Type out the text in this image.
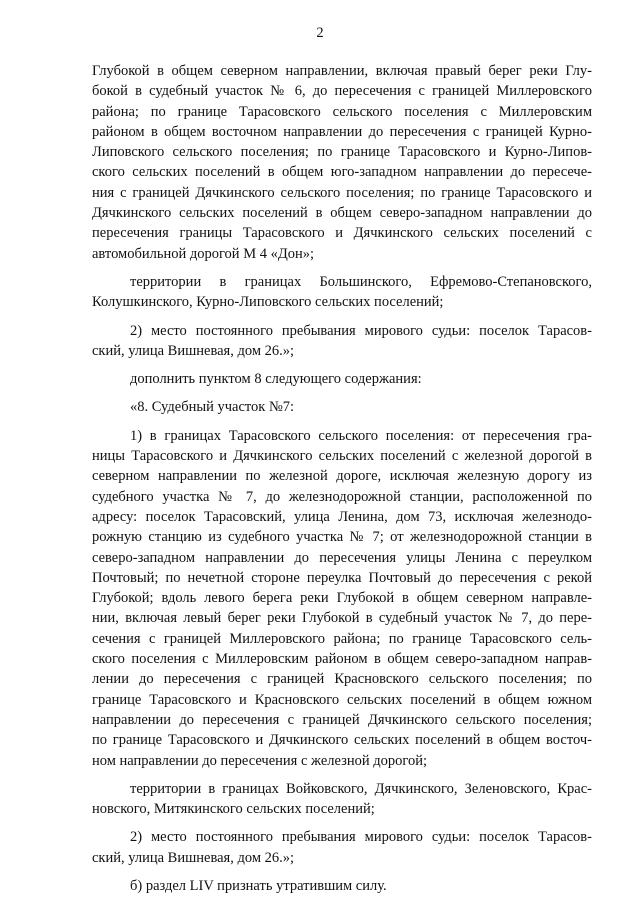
2
Глубокой в общем северном направлении, включая правый берег реки Глу-
бокой в судебный участок № 6, до пересечения с границей Миллеровского
района; по границе Тарасовского сельского поселения с Миллеровским
районом в общем восточном направлении до пересечения с границей Курно-
Липовского сельского поселения; по границе Тарасовского и Курно-Липов-
ского сельских поселений в общем юго-западном направлении до пересече-
ния с границей Дячкинского сельского поселения; по границе Тарасовского и
Дячкинского сельских поселений в общем северо-западном направлении до
пересечения границы Тарасовского и Дячкинского сельских поселений с
автомобильной дорогой М 4 «Дон»;
территории в границах Большинского, Ефремово-Степановского,
Колушкинского, Курно-Липовского сельских поселений;
2) место постоянного пребывания мирового судьи: поселок Тарасов-
ский, улица Вишневая, дом 26.»;
дополнить пунктом 8 следующего содержания:
«8. Судебный участок №7:
1) в границах Тарасовского сельского поселения: от пересечения гра-
ницы Тарасовского и Дячкинского сельских поселений с железной дорогой в
северном направлении по железной дороге, исключая железную дорогу из
судебного участка № 7, до железнодорожной станции, расположенной по
адресу: поселок Тарасовский, улица Ленина, дом 73, исключая железнодо-
рожную станцию из судебного участка № 7; от железнодорожной станции в
северо-западном направлении до пересечения улицы Ленина с переулком
Почтовый; по нечетной стороне переулка Почтовый до пересечения с рекой
Глубокой; вдоль левого берега реки Глубокой в общем северном направле-
нии, включая левый берег реки Глубокой в судебный участок № 7, до пере-
сечения с границей Миллеровского района; по границе Тарасовского сель-
ского поселения с Миллеровским районом в общем северо-западном направ-
лении до пересечения с границей Красновского сельского поселения; по
границе Тарасовского и Красновского сельских поселений в общем южном
направлении до пересечения с границей Дячкинского сельского поселения;
по границе Тарасовского и Дячкинского сельских поселений в общем восточ-
ном направлении до пересечения с железной дорогой;
территории в границах Войковского, Дячкинского, Зеленовского, Крас-
новского, Митякинского сельских поселений;
2) место постоянного пребывания мирового судьи: поселок Тарасов-
ский, улица Вишневая, дом 26.»;
б) раздел LIV признать утратившим силу.
